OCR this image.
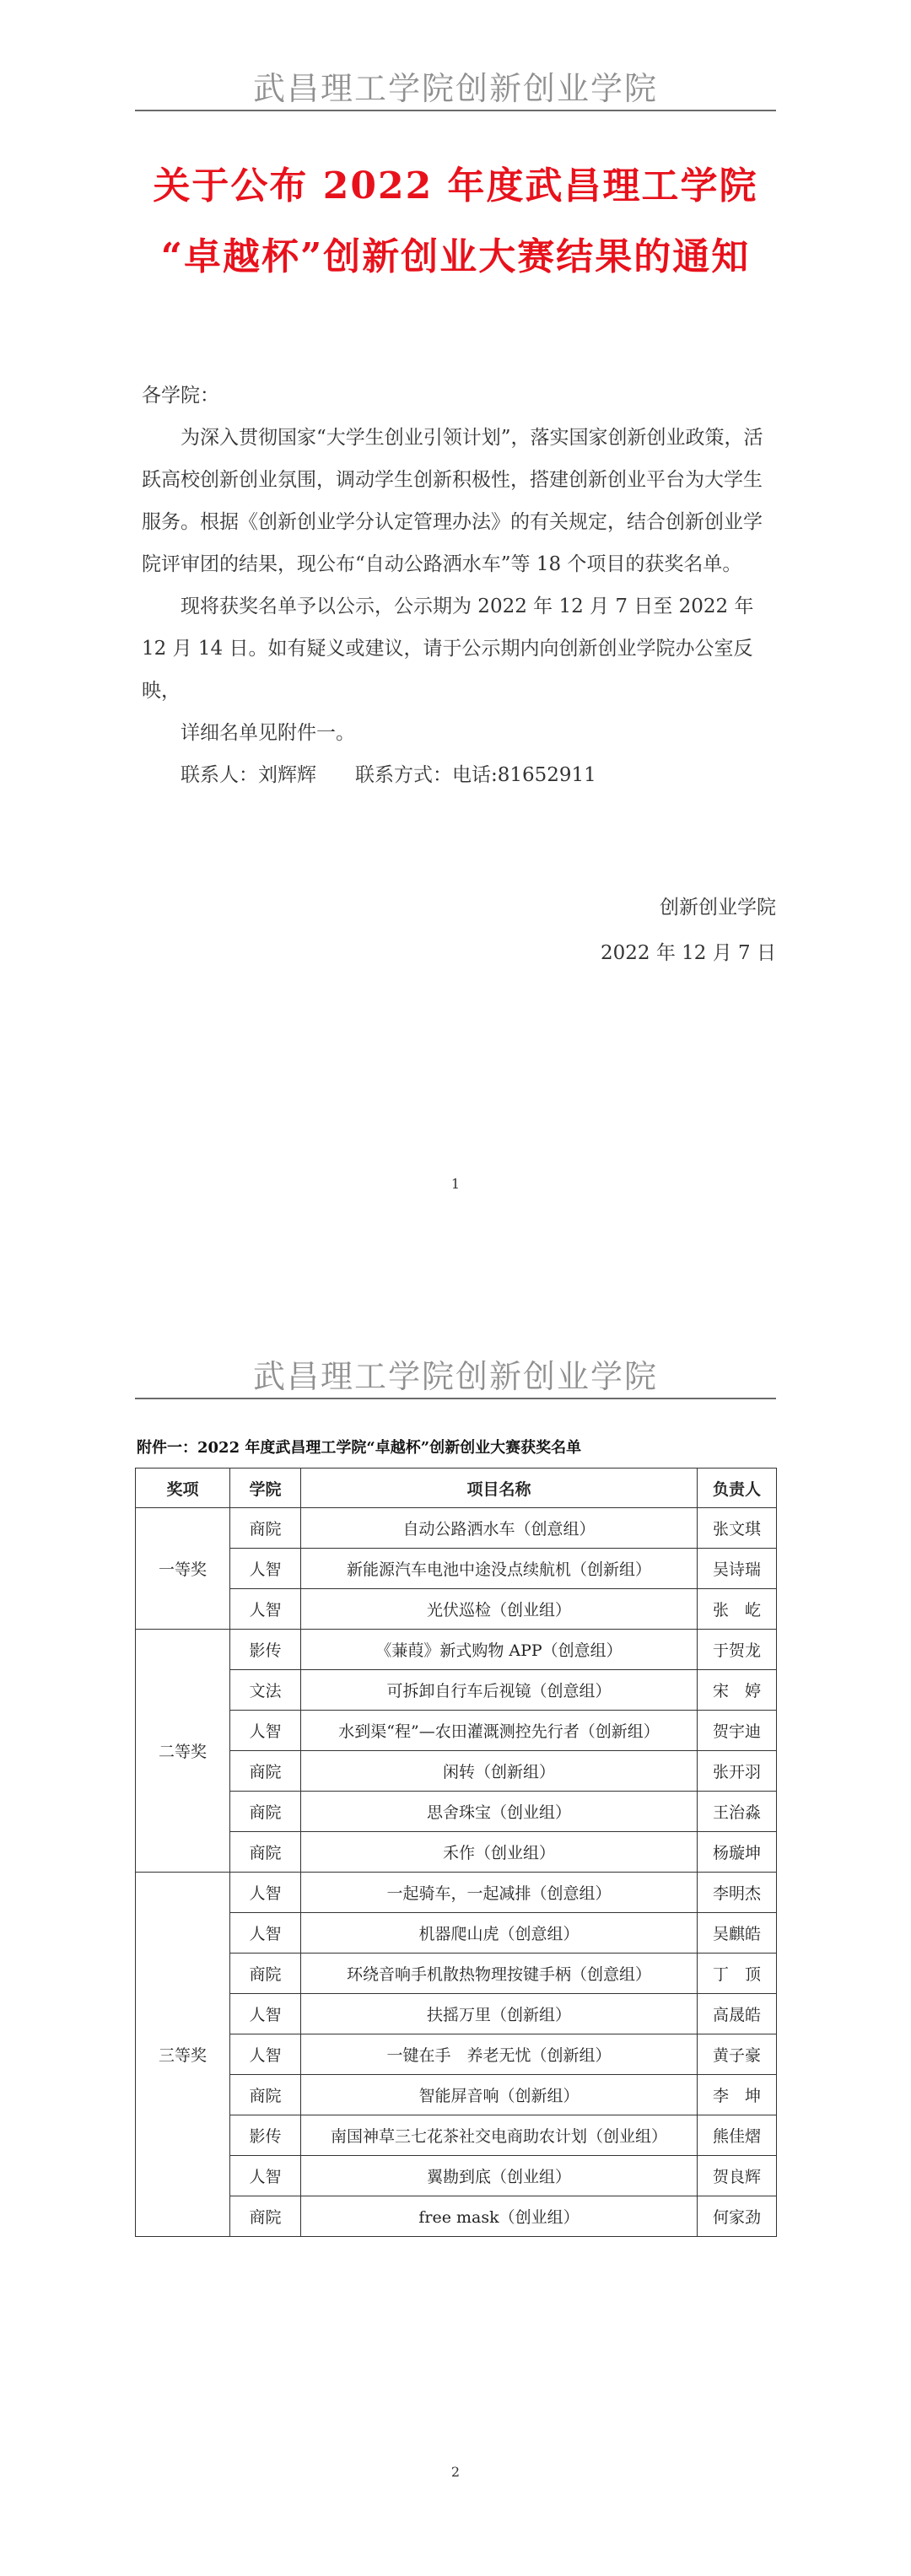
武昌理工学院创新创业学院
关于公布 2022 年度武昌理工学院
“卓越杯”创新创业大赛结果的通知

各学院：

为深入贯彻国家“大学生创业引领计划”，落实国家创新创业政策，活跃高校创新创业氛围，调动学生创新积极性，搭建创新创业平台为大学生服务。根据《创新创业学分认定管理办法》的有关规定，结合创新创业学院评审团的结果，现公布“自动公路洒水车”等 18 个项目的获奖名单。

现将获奖名单予以公示，公示期为 2022 年 12 月 7 日至 2022 年 12 月 14 日。如有疑义或建议，请于公示期内向创新创业学院办公室反映，

详细名单见附件一。

联系人：刘辉辉　　联系方式：电话:81652911

创新创业学院
2022 年 12 月 7 日
1
武昌理工学院创新创业学院
附件一：2022 年度武昌理工学院“卓越杯”创新创业大赛获奖名单
奖项	学院	项目名称	负责人
一等奖	商院	自动公路洒水车（创意组）	张文琪
	人智	新能源汽车电池中途没点续航机（创新组）	吴诗瑞
	人智	光伏巡检（创业组）	张　屹
二等奖	影传	《蒹葭》新式购物 APP（创意组）	于贺龙
	文法	可拆卸自行车后视镜（创意组）	宋　婷
	人智	水到渠“程”—农田灌溉测控先行者（创新组）	贺宇迪
	商院	闲转（创新组）	张开羽
	商院	思舍珠宝（创业组）	王治淼
	商院	禾作（创业组）	杨璇坤
三等奖	人智	一起骑车，一起减排（创意组）	李明杰
	人智	机器爬山虎（创意组）	吴麒皓
	商院	环绕音响手机散热物理按键手柄（创意组）	丁　顶
	人智	扶摇万里（创新组）	高晟皓
	人智	一键在手　养老无忧（创新组）	黄子豪
	商院	智能屏音响（创新组）	李　坤
	影传	南国神草三七花茶社交电商助农计划（创业组）	熊佳熠
	人智	翼勘到底（创业组）	贺良辉
	商院	free mask（创业组）	何家劲
2
